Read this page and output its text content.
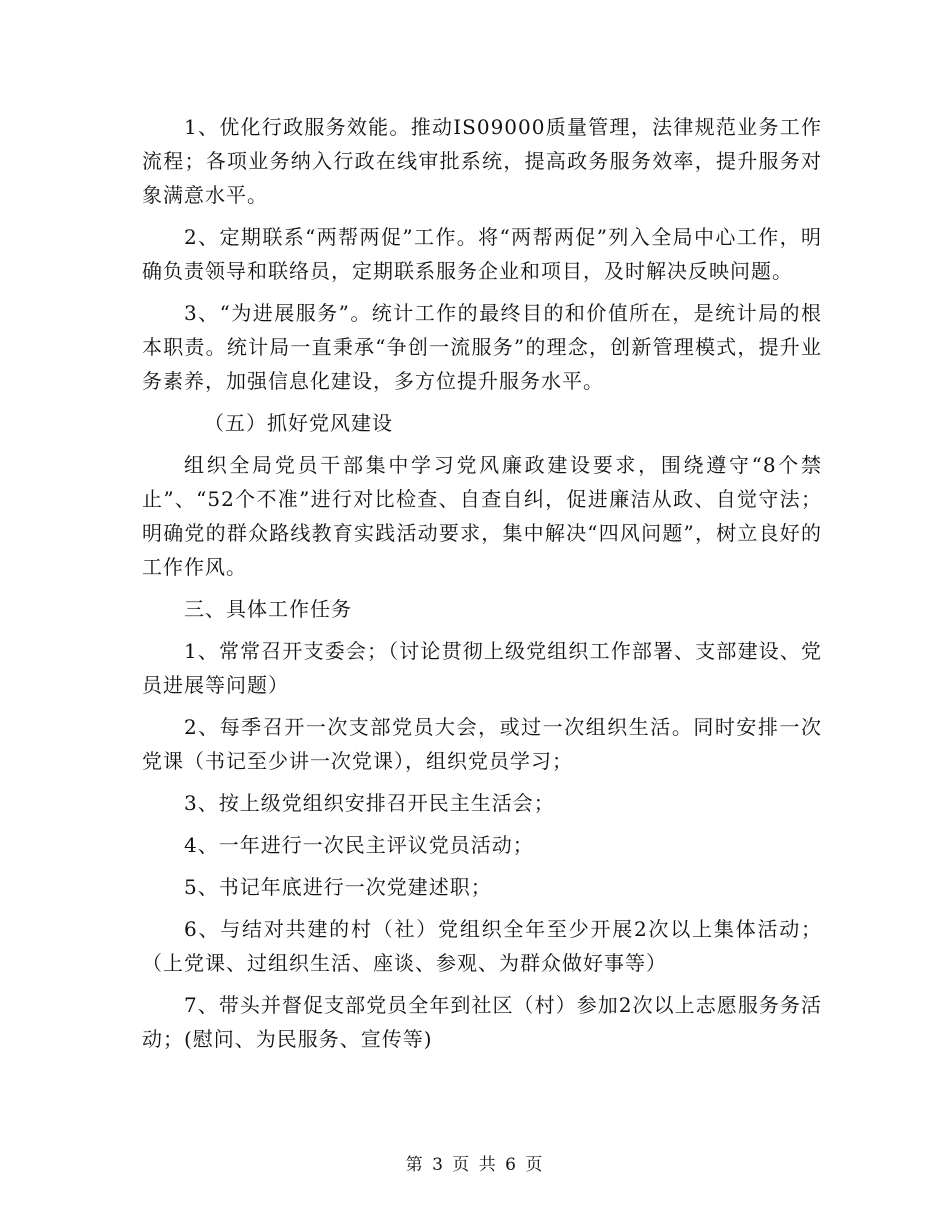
1、优化行政服务效能。推动IS09000质量管理，法律规范业务工作流程；各项业务纳入行政在线审批系统，提高政务服务效率，提升服务对象满意水平。

2、定期联系“两帮两促”工作。将“两帮两促”列入全局中心工作，明确负责领导和联络员，定期联系服务企业和项目，及时解决反映问题。

3、“为进展服务”。统计工作的最终目的和价值所在，是统计局的根本职责。统计局一直秉承“争创一流服务”的理念，创新管理模式，提升业务素养，加强信息化建设，多方位提升服务水平。

（五）抓好党风建设

组织全局党员干部集中学习党风廉政建设要求，围绕遵守“8个禁止”、“52个不准”进行对比检查、自查自纠，促进廉洁从政、自觉守法；明确党的群众路线教育实践活动要求，集中解决“四风问题”，树立良好的工作作风。

三、具体工作任务

1、常常召开支委会；（讨论贯彻上级党组织工作部署、支部建设、党员进展等问题）

2、每季召开一次支部党员大会，或过一次组织生活。同时安排一次党课（书记至少讲一次党课），组织党员学习；

3、按上级党组织安排召开民主生活会；

4、一年进行一次民主评议党员活动；

5、书记年底进行一次党建述职；

6、与结对共建的村（社）党组织全年至少开展2次以上集体活动；（上党课、过组织生活、座谈、参观、为群众做好事等）

7、带头并督促支部党员全年到社区（村）参加2次以上志愿服务务活动；(慰问、为民服务、宣传等)

第 3 页 共 6 页
